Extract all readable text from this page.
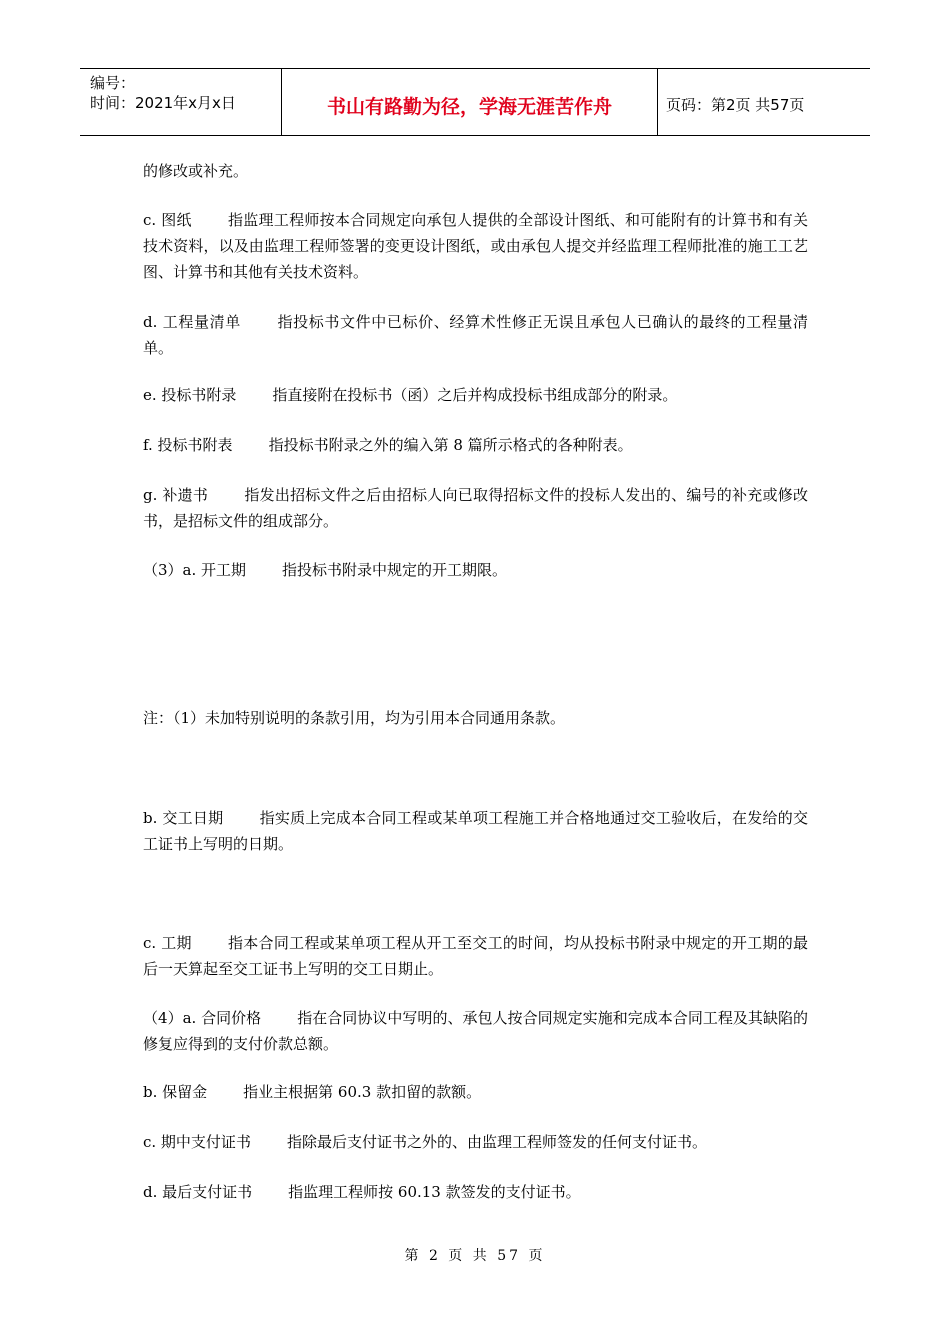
编号：
时间：2021年x月x日	书山有路勤为径，学海无涯苦作舟	页码：第2页 共57页

的修改或补充。

c. 图纸 指监理工程师按本合同规定向承包人提供的全部设计图纸、和可能附有的计算书和有关技术资料，以及由监理工程师签署的变更设计图纸，或由承包人提交并经监理工程师批准的施工工艺图、计算书和其他有关技术资料。

d. 工程量清单 指投标书文件中已标价、经算术性修正无误且承包人已确认的最终的工程量清单。

e. 投标书附录 指直接附在投标书（函）之后并构成投标书组成部分的附录。

f. 投标书附表 指投标书附录之外的编入第 8 篇所示格式的各种附表。

g. 补遗书 指发出招标文件之后由招标人向已取得招标文件的投标人发出的、编号的补充或修改书，是招标文件的组成部分。

（3）a. 开工期 指投标书附录中规定的开工期限。

注：（1）未加特别说明的条款引用，均为引用本合同通用条款。

b. 交工日期 指实质上完成本合同工程或某单项工程施工并合格地通过交工验收后，在发给的交工证书上写明的日期。

c. 工期 指本合同工程或某单项工程从开工至交工的时间，均从投标书附录中规定的开工期的最后一天算起至交工证书上写明的交工日期止。

（4）a. 合同价格 指在合同协议中写明的、承包人按合同规定实施和完成本合同工程及其缺陷的修复应得到的支付价款总额。

b. 保留金 指业主根据第 60.3 款扣留的款额。

c. 期中支付证书 指除最后支付证书之外的、由监理工程师签发的任何支付证书。

d. 最后支付证书 指监理工程师按 60.13 款签发的支付证书。

第 2 页 共 57 页
